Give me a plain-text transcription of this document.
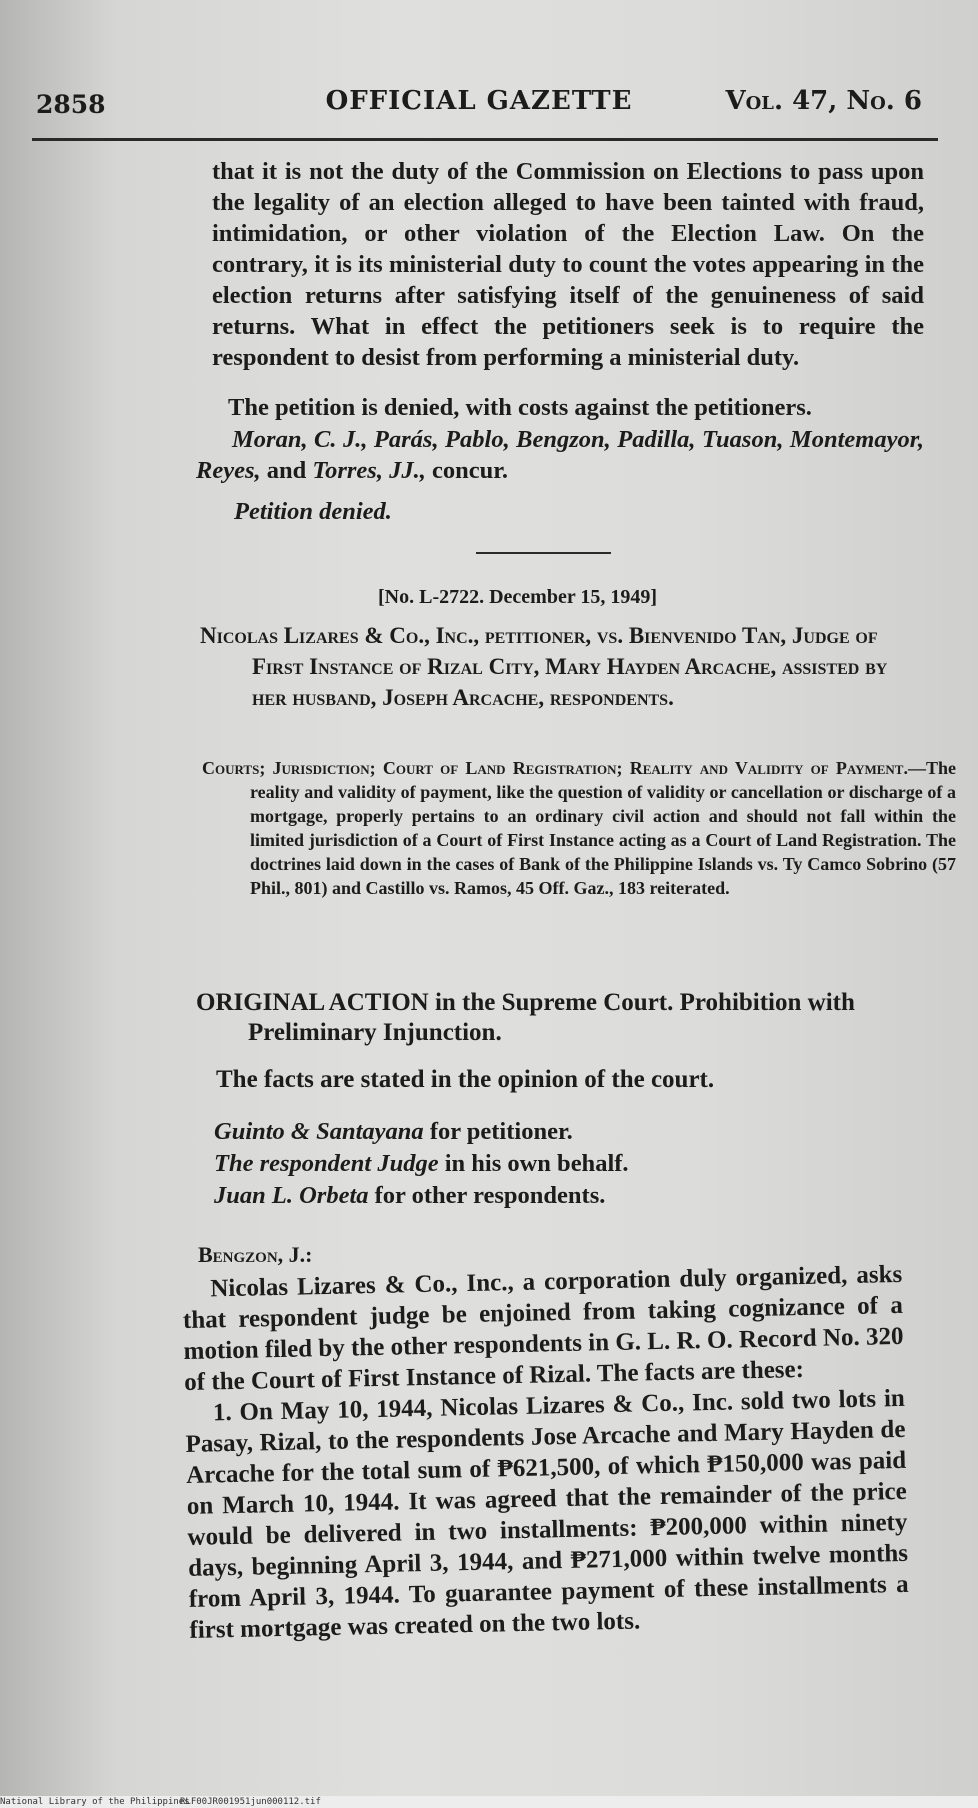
2858	OFFICIAL GAZETTE	Vol. 47, No. 6
that it is not the duty of the Commission on Elections to pass upon the legality of an election alleged to have been tainted with fraud, intimidation, or other violation of the Election Law. On the contrary, it is its ministerial duty to count the votes appearing in the election returns after satisfying itself of the genuineness of said returns. What in effect the petitioners seek is to require the respondent to desist from performing a ministerial duty.
The petition is denied, with costs against the petitioners.
Moran, C. J., Parás, Pablo, Bengzon, Padilla, Tuason, Montemayor, Reyes, and Torres, JJ., concur.
Petition denied.
[No. L-2722. December 15, 1949]
Nicolas Lizares & Co., Inc., petitioner, vs. Bienvenido Tan, Judge of First Instance of Rizal City, Mary Hayden Arcache, assisted by her husband, Joseph Arcache, respondents.
Courts; Jurisdiction; Court of Land Registration; Reality and Validity of Payment.—The reality and validity of payment, like the question of validity or cancellation or discharge of a mortgage, properly pertains to an ordinary civil action and should not fall within the limited jurisdiction of a Court of First Instance acting as a Court of Land Registration. The doctrines laid down in the cases of Bank of the Philippine Islands vs. Ty Camco Sobrino (57 Phil., 801) and Castillo vs. Ramos, 45 Off. Gaz., 183 reiterated.
ORIGINAL ACTION in the Supreme Court. Prohibition with Preliminary Injunction.
The facts are stated in the opinion of the court.
Guinto & Santayana for petitioner.
The respondent Judge in his own behalf.
Juan L. Orbeta for other respondents.
Bengzon, J.:

Nicolas Lizares & Co., Inc., a corporation duly organized, asks that respondent judge be enjoined from taking cognizance of a motion filed by the other respondents in G. L. R. O. Record No. 320 of the Court of First Instance of Rizal. The facts are these:

1. On May 10, 1944, Nicolas Lizares & Co., Inc. sold two lots in Pasay, Rizal, to the respondents Jose Arcache and Mary Hayden de Arcache for the total sum of ₱621,500, of which ₱150,000 was paid on March 10, 1944. It was agreed that the remainder of the price would be delivered in two installments: ₱200,000 within ninety days, beginning April 3, 1944, and ₱271,000 within twelve months from April 3, 1944. To guarantee payment of these installments a first mortgage was created on the two lots.

National Library of the Philippines
RLF00JR001951jun000112.tif
